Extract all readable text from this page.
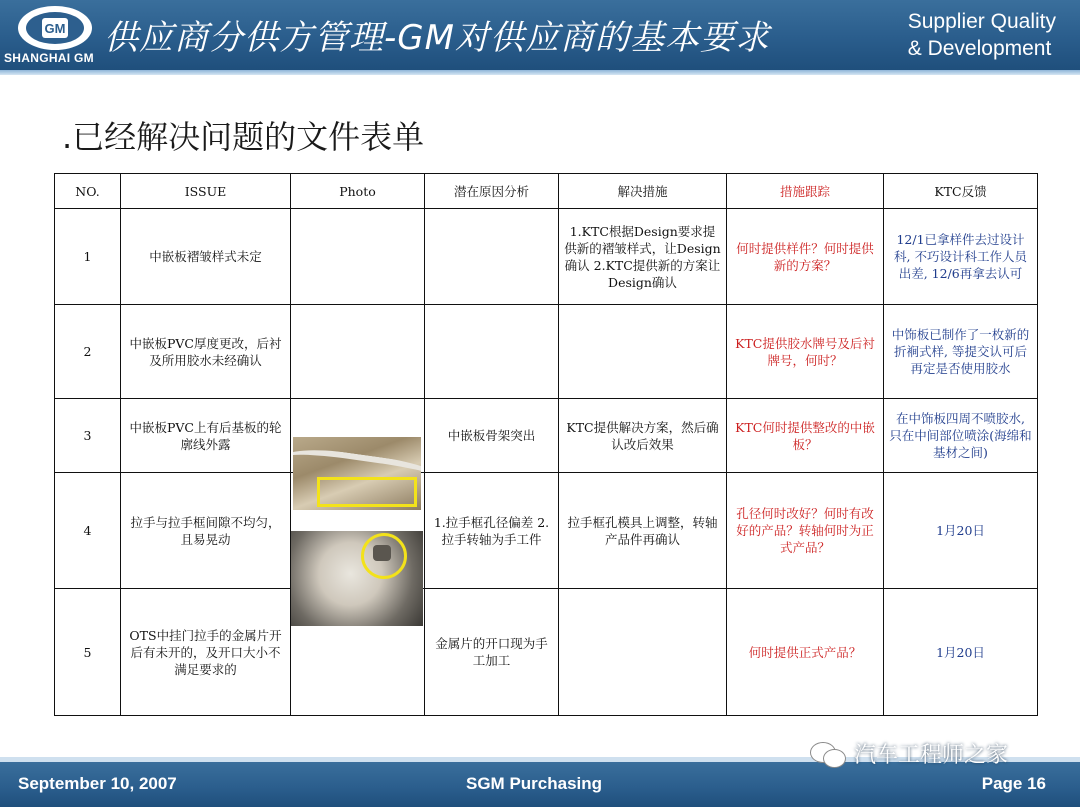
GM
SHANGHAI GM 供应商分供方管理-GM对供应商的基本要求	Supplier Quality
& Development
.已经解决问题的文件表单
NO.	ISSUE	Photo	潜在原因分析	解决措施	措施跟踪	KTC反馈
1	中嵌板褶皱样式未定			1.KTC根据Design要求提供新的褶皱样式，让Design确认 2.KTC提供新的方案让Design确认	何时提供样件？何时提供新的方案？	12/1已拿样件去过设计科, 不巧设计科工作人员出差, 12/6再拿去认可
2	中嵌板PVC厚度更改，后衬及所用胶水未经确认				KTC提供胶水牌号及后衬牌号，何时？	中饰板已制作了一枚新的折裥式样, 等提交认可后再定是否使用胶水
3	中嵌板PVC上有后基板的轮廓线外露		中嵌板骨架突出	KTC提供解决方案，然后确认改后效果	KTC何时提供整改的中嵌板？	在中饰板四周不喷胶水, 只在中间部位喷涂(海绵和基材之间)
4	拉手与拉手框间隙不均匀，且易晃动		1.拉手框孔径偏差 2.拉手转轴为手工件	拉手框孔模具上调整，转轴产品件再确认	孔径何时改好？何时有改好的产品？转轴何时为正式产品？	1月20日
5	OTS中挂门拉手的金属片开后有未开的，及开口大小不满足要求的		金属片的开口现为手工加工		何时提供正式产品？	1月20日
September 10, 2007	SGM Purchasing	Page 16
汽车工程师之家
